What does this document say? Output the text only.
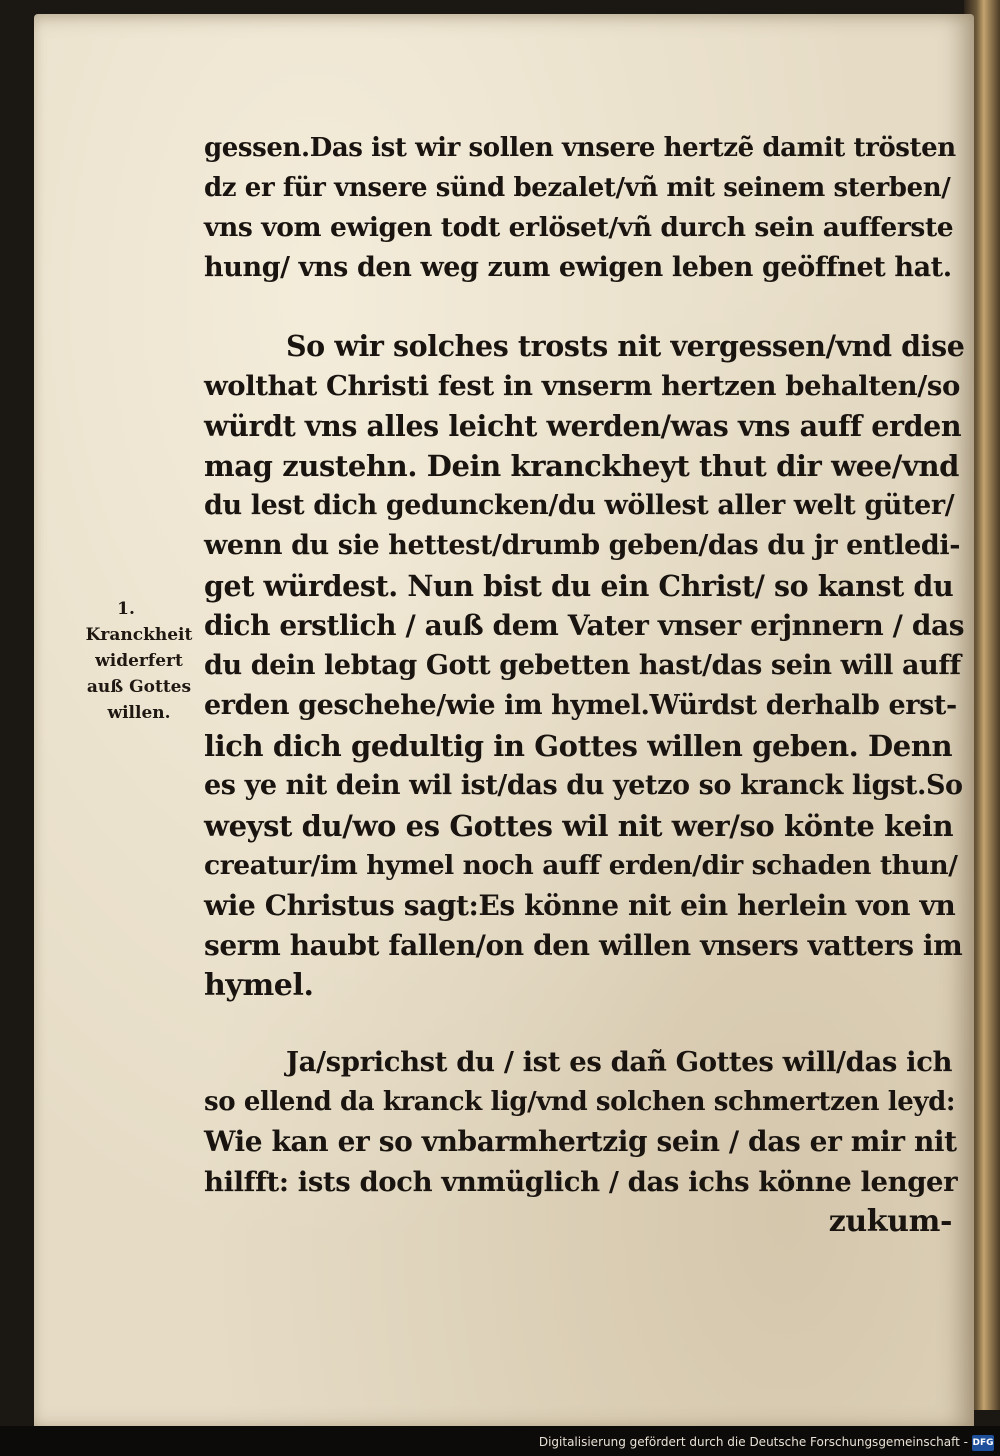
1.
Kranckheit
widerfert
auß Gottes
willen.
gessen.Das ist wir sollen vnsere hertzẽ damit trösten
dz er für vnsere sünd bezalet/vñ mit seinem sterben/
vns vom ewigen todt erlöset/vñ durch sein aufferste
hung/ vns den weg zum ewigen leben geöffnet hat.
So wir solches trosts nit vergessen/vnd dise
wolthat Christi fest in vnserm hertzen behalten/so
würdt vns alles leicht werden/was vns auff erden
mag zustehn. Dein kranckheyt thut dir wee/vnd
du lest dich geduncken/du wöllest aller welt güter/
wenn du sie hettest/drumb geben/das du jr entledi-
get würdest. Nun bist du ein Christ/ so kanst du
dich erstlich / auß dem Vater vnser erjnnern / das
du dein lebtag Gott gebetten hast/das sein will auff
erden geschehe/wie im hymel.Würdst derhalb erst-
lich dich gedultig in Gottes willen geben. Denn
es ye nit dein wil ist/das du yetzo so kranck ligst.So
weyst du/wo es Gottes wil nit wer/so könte kein
creatur/im hymel noch auff erden/dir schaden thun/
wie Christus sagt:Es könne nit ein herlein von vn
serm haubt fallen/on den willen vnsers vatters im
hymel.
Ja/sprichst du / ist es dañ Gottes will/das ich
so ellend da kranck lig/vnd solchen schmertzen leyd:
Wie kan er so vnbarmhertzig sein / das er mir nit
hilfft: ists doch vnmüglich / das ichs könne lenger
zukum-
Digitalisierung gefördert durch die Deutsche Forschungsgemeinschaft - DFG
